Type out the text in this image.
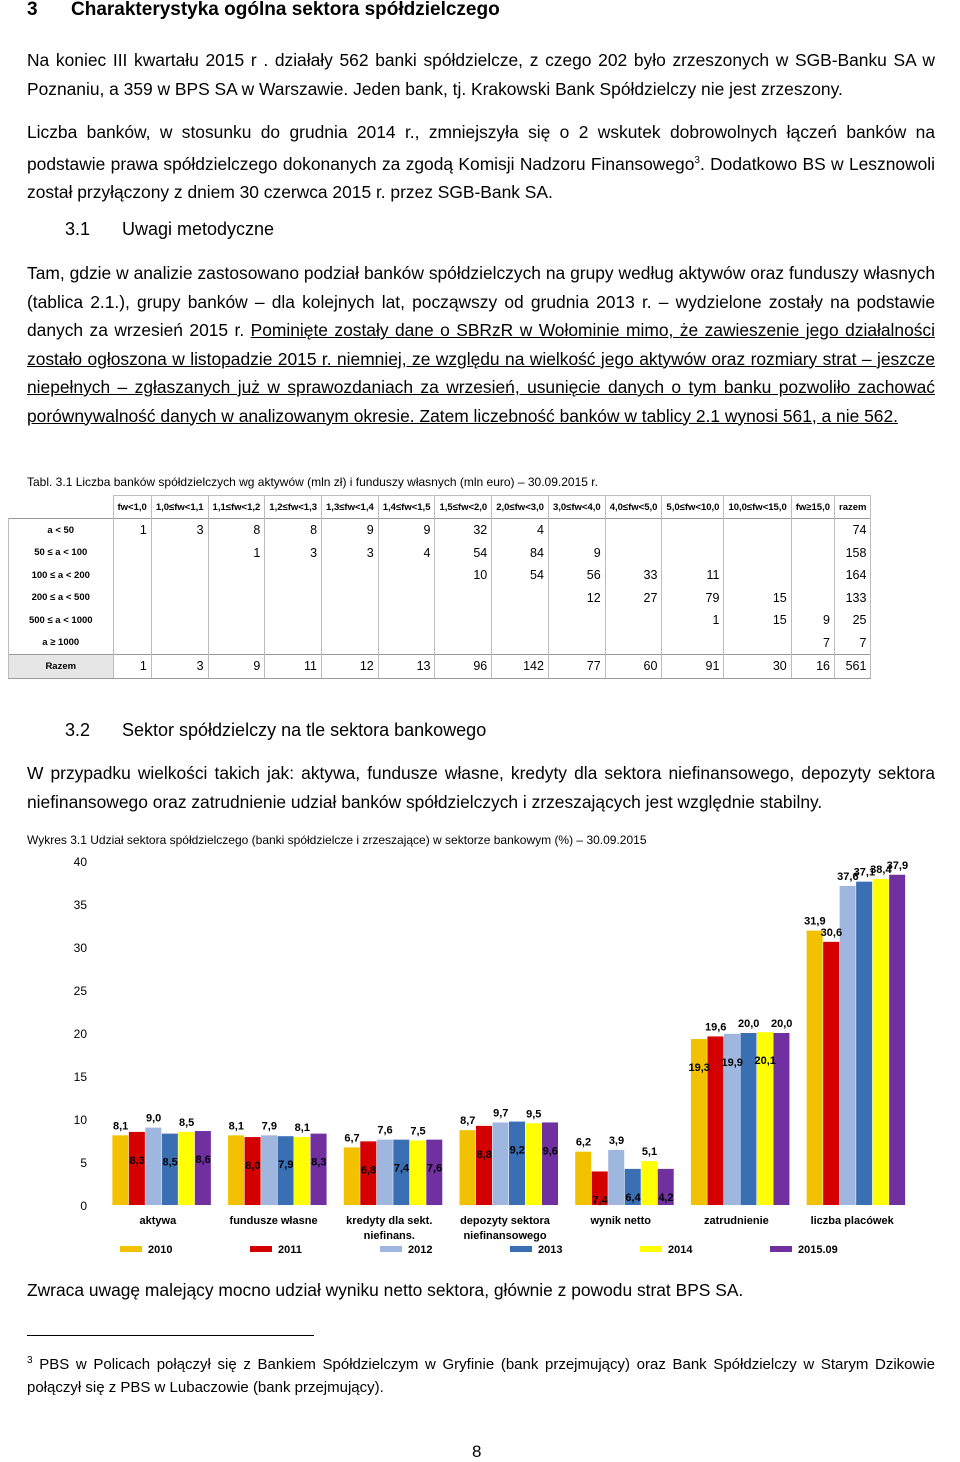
3 Charakterystyka ogólna sektora spółdzielczego

Na koniec III kwartału 2015 r . działały 562 banki spółdzielcze, z czego 202 było zrzeszonych w SGB-Banku SA w Poznaniu, a 359 w BPS SA w Warszawie. Jeden bank, tj. Krakowski Bank Spółdzielczy nie jest zrzeszony.

Liczba banków, w stosunku do grudnia 2014 r., zmniejszyła się o 2 wskutek dobrowolnych łączeń banków na podstawie prawa spółdzielczego dokonanych za zgodą Komisji Nadzoru Finansowego$^3$. Dodatkowo BS w Lesznowoli został przyłączony z dniem 30 czerwca 2015 r. przez SGB-Bank SA.

3.1 Uwagi metodyczne

Tam, gdzie w analizie zastosowano podział banków spółdzielczych na grupy według aktywów oraz funduszy własnych (tablica 2.1.), grupy banków – dla kolejnych lat, począwszy od grudnia 2013 r. – wydzielone zostały na podstawie danych za wrzesień 2015 r. Pominięte zostały dane o SBRzR w Wołominie mimo, że zawieszenie jego działalności zostało ogłoszona w listopadzie 2015 r. niemniej, ze względu na wielkość jego aktywów oraz rozmiary strat – jeszcze niepełnych – zgłaszanych już w sprawozdaniach za wrzesień, usunięcie danych o tym banku pozwoliło zachować porównywalność danych w analizowanym okresie. Zatem liczebność banków w tablicy 2.1 wynosi 561, a nie 562.

Tabl. 3.1 Liczba banków spółdzielczych wg aktywów (mln zł) i funduszy własnych (mln euro) – 30.09.2015 r.
	fw<1,0	1,0≤fw<1,1	1,1≤fw<1,2	1,2≤fw<1,3	1,3≤fw<1,4	1,4≤fw<1,5	1,5≤fw<2,0	2,0≤fw<3,0	3,0≤fw<4,0	4,0≤fw<5,0	5,0≤fw<10,0	10,0≤fw<15,0	fw≥15,0	razem
a < 50	1	3	8	8	9	9	32	4						74
50 ≤ a < 100			1	3	3	4	54	84	9					158
100 ≤ a < 200							10	54	56	33	11			164
200 ≤ a < 500									12	27	79	15		133
500 ≤ a < 1000											1	15	9	25
a ≥ 1000													7	7
Razem	1	3	9	11	12	13	96	142	77	60	91	30	16	561
3.2 Sektor spółdzielczy na tle sektora bankowego

W przypadku wielkości takich jak: aktywa, fundusze własne, kredyty dla sektora niefinansowego, depozyty sektora niefinansowego oraz zatrudnienie udział banków spółdzielczych i zrzeszających jest względnie stabilny.

Wykres 3.1 Udział sektora spółdzielczego (banki spółdzielcze i zrzeszające) w sektorze bankowym (%) – 30.09.2015
0
5
10
15
20
25
30
35
40
8,1
9,0 8,5
8,3 8,5 8,6
aktywa
8,1 7,9 8,1
8,0 7,9 8,3
fundusze własne
6,7
7,6 7,5
6,8 7,4 7,6
kredyty dla sekt.
niefinans.
8,7
9,7 9,5
8,8 9,2 9,6
depozyty sektora
niefinansowego
6,2 3,9
5,1
7,4 6,4 4,2
wynik netto
19,3 19,9 20,1
19,6 20,0 20,0
zatrudnienie
31,9
37,6
38,4
30,6
37,1
37,9
liczba placówek
2010	2011	2012	2013	2014	2015.09
Zwraca uwagę malejący mocno udział wyniku netto sektora, głównie z powodu strat BPS SA.
$^3$ PBS w Policach połączył się z Bankiem Spółdzielczym w Gryfinie (bank przejmujący) oraz Bank Spółdzielczy w Starym Dzikowie połączył się z PBS w Lubaczowie (bank przejmujący).
8
